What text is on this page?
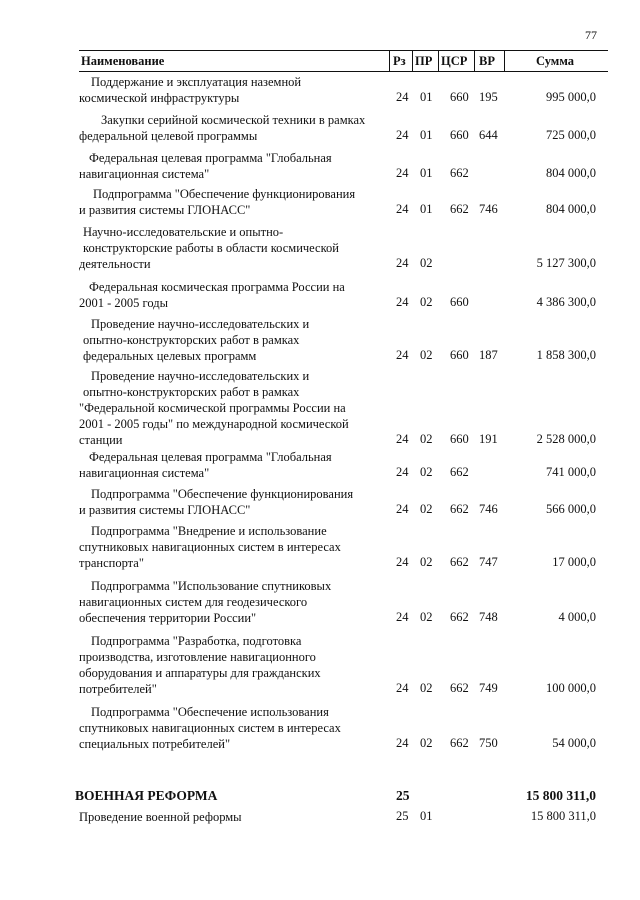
77
Наименование	Рз ПР ЦСР ВР	Сумма
Поддержание и эксплуатация наземной
космической инфраструктуры	24 01 660 195	995 000,0
Закупки серийной космической техники в рамках
федеральной целевой программы	24 01 660 644	725 000,0
Федеральная целевая программа "Глобальная
навигационная система"	24 01 662	804 000,0
Подпрограмма "Обеспечение функционирования
и развития системы ГЛОНАСС"	24 01 662 746	804 000,0
Научно-исследовательские и опытно-
конструкторские работы в области космической
деятельности	24 02	5 127 300,0
Федеральная космическая программа России на
2001 - 2005 годы	24 02 660	4 386 300,0
Проведение научно-исследовательских и
опытно-конструкторских работ в рамках
федеральных целевых программ	24 02 660 187	1 858 300,0
Проведение научно-исследовательских и
опытно-конструкторских работ в рамках
"Федеральной космической программы России на
2001 - 2005 годы" по международной космической
станции	24 02 660 191	2 528 000,0
Федеральная целевая программа "Глобальная
навигационная система"	24 02 662	741 000,0
Подпрограмма "Обеспечение функционирования
и развития системы ГЛОНАСС"	24 02 662 746	566 000,0
Подпрограмма "Внедрение и использование
спутниковых навигационных систем в интересах
транспорта"	24 02 662 747	17 000,0
Подпрограмма "Использование спутниковых
навигационных систем для геодезического
обеспечения территории России"	24 02 662 748	4 000,0
Подпрограмма "Разработка, подготовка
производства, изготовление навигационного
оборудования и аппаратуры для гражданских
потребителей"	24 02 662 749	100 000,0
Подпрограмма "Обеспечение использования
спутниковых навигационных систем в интересах
специальных потребителей"	24 02 662 750	54 000,0
ВОЕННАЯ РЕФОРМА	25	15 800 311,0
Проведение военной реформы	25 01	15 800 311,0
